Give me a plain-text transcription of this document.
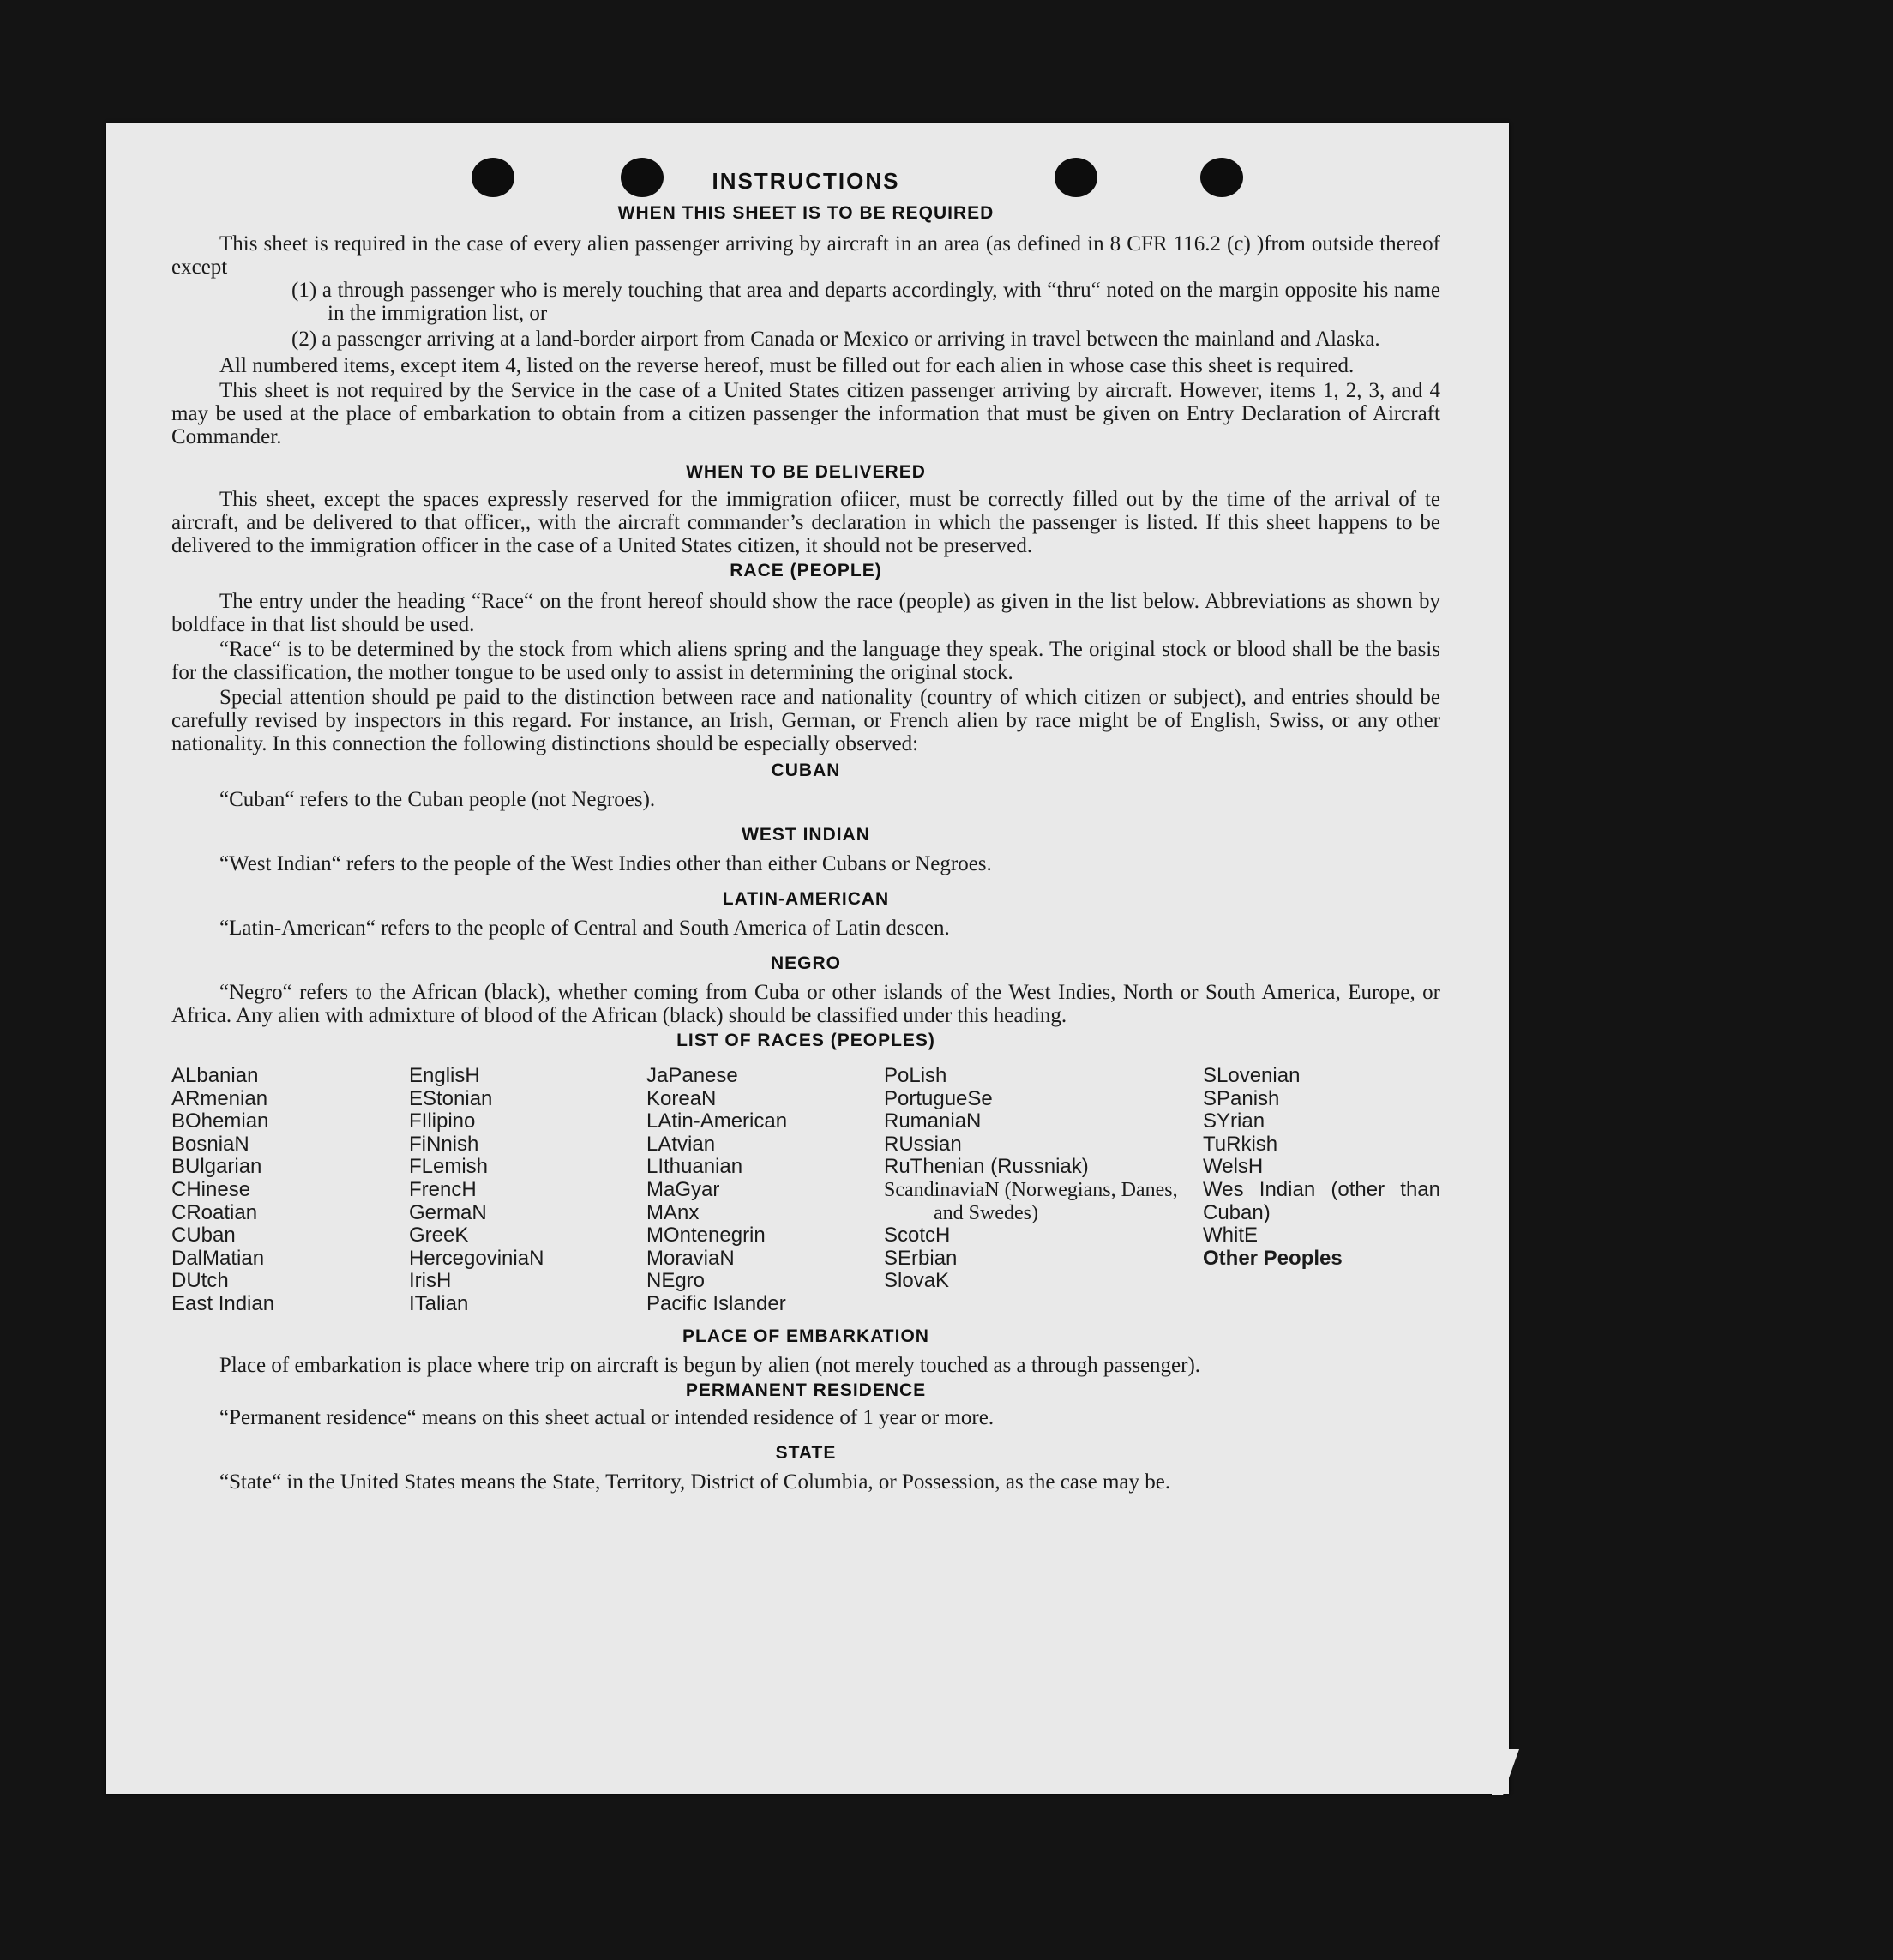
INSTRUCTIONS
WHEN THIS SHEET IS TO BE REQUIRED

This sheet is required in the case of every alien passenger arriving by aircraft in an area (as defined in 8 CFR 116.2 (c) )from outside thereof except

(1) a through passenger who is merely touching that area and departs accordingly, with “thru“ noted on the margin opposite his name in the immigration list, or
(2) a passenger arriving at a land-border airport from Canada or Mexico or arriving in travel between the mainland and Alaska.

All numbered items, except item 4, listed on the reverse hereof, must be filled out for each alien in whose case this sheet is required.

This sheet is not required by the Service in the case of a United States citizen passenger arriving by aircraft. However, items 1, 2, 3, and 4 may be used at the place of embarkation to obtain from a citizen passenger the information that must be given on Entry Declaration of Aircraft Commander.

WHEN TO BE DELIVERED

This sheet, except the spaces expressly reserved for the immigration ofiicer, must be correctly filled out by the time of the arrival of te aircraft, and be delivered to that officer,, with the aircraft commander’s declaration in which the passenger is listed. If this sheet happens to be delivered to the immigration officer in the case of a United States citizen, it should not be preserved.

RACE (PEOPLE)

The entry under the heading “Race“ on the front hereof should show the race (people) as given in the list below. Abbreviations as shown by boldface in that list should be used.

“Race“ is to be determined by the stock from which aliens spring and the language they speak. The original stock or blood shall be the basis for the classification, the mother tongue to be used only to assist in determining the original stock.

Special attention should pe paid to the distinction between race and nationality (country of which citizen or subject), and entries should be carefully revised by inspectors in this regard. For instance, an Irish, German, or French alien by race might be of English, Swiss, or any other nationality. In this connection the following distinctions should be especially observed:

CUBAN

“Cuban“ refers to the Cuban people (not Negroes).

WEST INDIAN

“West Indian“ refers to the people of the West Indies other than either Cubans or Negroes.

LATIN-AMERICAN

“Latin-American“ refers to the people of Central and South America of Latin descen.

NEGRO

“Negro“ refers to the African (black), whether coming from Cuba or other islands of the West Indies, North or South America, Europe, or Africa. Any alien with admixture of blood of the African (black) should be classified under this heading.

LIST OF RACES (PEOPLES)
ALbanian
ARmenian
BOhemian
BosniaN
BUlgarian
CHinese
CRoatian
CUban
DalMatian
DUtch
East Indian
EnglisH
EStonian
FIlipino
FiNnish
FLemish
FrencH
GermaN
GreeK
HercegoviniaN
IrisH
ITalian
JaPanese
KoreaN
LAtin-American
LAtvian
LIthuanian
MaGyar
MAnx
MOntenegrin
MoraviaN
NEgro
Pacific Islander
PoLish
PortugueSe
RumaniaN
RUssian
RuThenian (Russniak)
ScandinaviaN (Norwegians, Danes, and Swedes)
ScotcH
SErbian
SlovaK
SLovenian
SPanish
SYrian
TuRkish
WelsH
Wes Indian (other than Cuban)
WhitE
Other Peoples
PLACE OF EMBARKATION

Place of embarkation is place where trip on aircraft is begun by alien (not merely touched as a through passenger).

PERMANENT RESIDENCE

“Permanent residence“ means on this sheet actual or intended residence of 1 year or more.

STATE

“State“ in the United States means the State, Territory, District of Columbia, or Possession, as the case may be.
